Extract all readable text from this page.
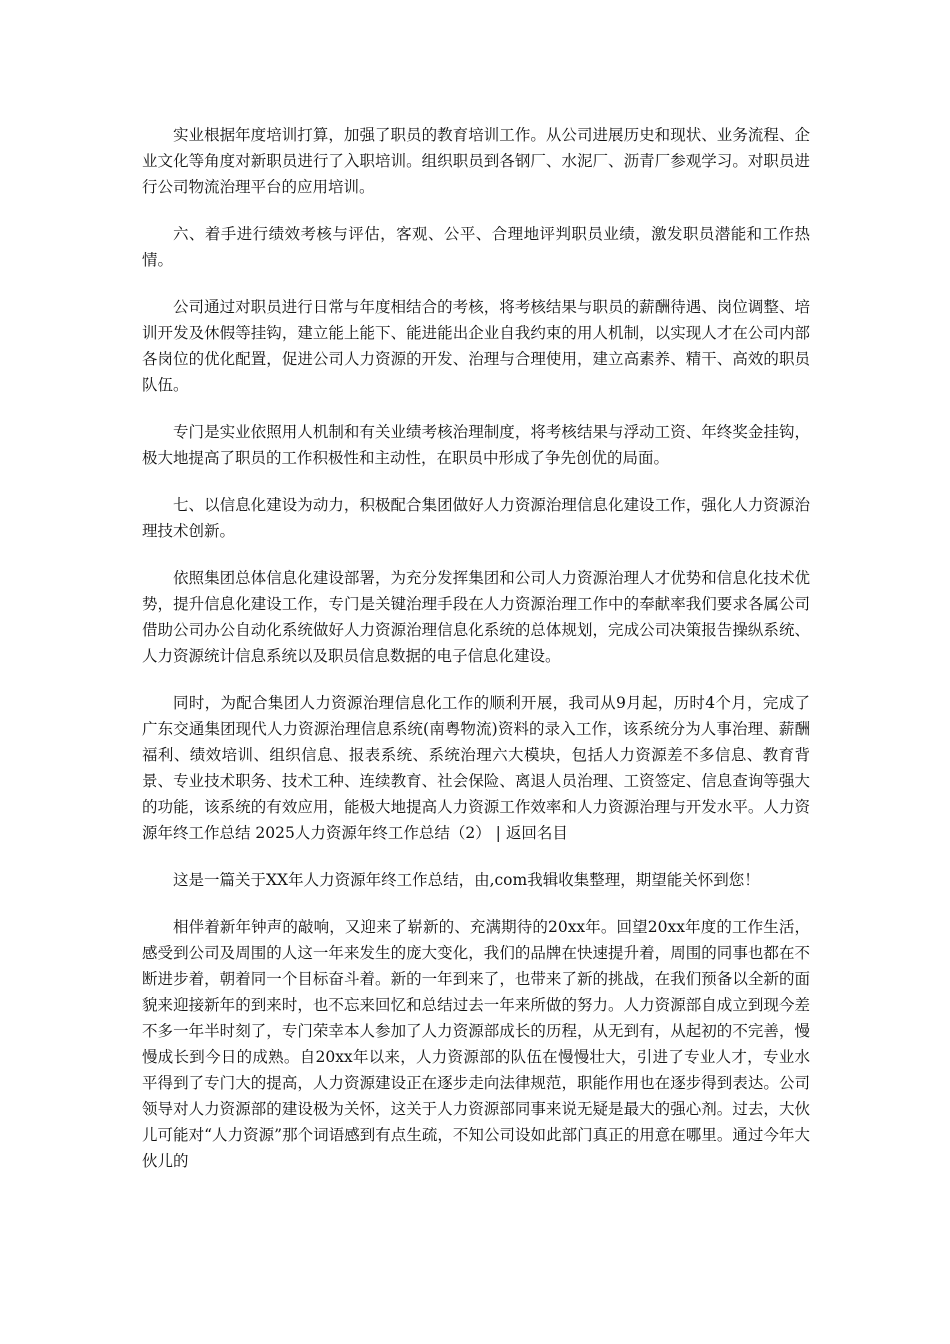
实业根据年度培训打算，加强了职员的教育培训工作。从公司进展历史和现状、业务流程、企业文化等角度对新职员进行了入职培训。组织职员到各钢厂、水泥厂、沥青厂参观学习。对职员进行公司物流治理平台的应用培训。

六、着手进行绩效考核与评估，客观、公平、合理地评判职员业绩，激发职员潜能和工作热情。

公司通过对职员进行日常与年度相结合的考核，将考核结果与职员的薪酬待遇、岗位调整、培训开发及休假等挂钩，建立能上能下、能进能出企业自我约束的用人机制，以实现人才在公司内部各岗位的优化配置，促进公司人力资源的开发、治理与合理使用，建立高素养、精干、高效的职员队伍。

专门是实业依照用人机制和有关业绩考核治理制度，将考核结果与浮动工资、年终奖金挂钩，极大地提高了职员的工作积极性和主动性，在职员中形成了争先创优的局面。

七、以信息化建设为动力，积极配合集团做好人力资源治理信息化建设工作，强化人力资源治理技术创新。

依照集团总体信息化建设部署，为充分发挥集团和公司人力资源治理人才优势和信息化技术优势，提升信息化建设工作，专门是关键治理手段在人力资源治理工作中的奉献率我们要求各属公司借助公司办公自动化系统做好人力资源治理信息化系统的总体规划，完成公司决策报告操纵系统、人力资源统计信息系统以及职员信息数据的电子信息化建设。

同时，为配合集团人力资源治理信息化工作的顺利开展，我司从9月起，历时4个月，完成了广东交通集团现代人力资源治理信息系统(南粤物流)资料的录入工作，该系统分为人事治理、薪酬福利、绩效培训、组织信息、报表系统、系统治理六大模块，包括人力资源差不多信息、教育背景、专业技术职务、技术工种、连续教育、社会保险、离退人员治理、工资签定、信息查询等强大的功能，该系统的有效应用，能极大地提高人力资源工作效率和人力资源治理与开发水平。人力资源年终工作总结 2025人力资源年终工作总结（2） | 返回名目

这是一篇关于XX年人力资源年终工作总结，由,com我辑收集整理，期望能关怀到您！

相伴着新年钟声的敲响，又迎来了崭新的、充满期待的20xx年。回望20xx年度的工作生活，感受到公司及周围的人这一年来发生的庞大变化，我们的品牌在快速提升着，周围的同事也都在不断进步着，朝着同一个目标奋斗着。新的一年到来了，也带来了新的挑战，在我们预备以全新的面貌来迎接新年的到来时，也不忘来回忆和总结过去一年来所做的努力。人力资源部自成立到现今差不多一年半时刻了，专门荣幸本人参加了人力资源部成长的历程，从无到有，从起初的不完善，慢慢成长到今日的成熟。自20xx年以来，人力资源部的队伍在慢慢壮大，引进了专业人才，专业水平得到了专门大的提高，人力资源建设正在逐步走向法律规范，职能作用也在逐步得到表达。公司领导对人力资源部的建设极为关怀，这关于人力资源部同事来说无疑是最大的强心剂。过去，大伙儿可能对“人力资源”那个词语感到有点生疏，不知公司设如此部门真正的用意在哪里。通过今年大伙儿的
